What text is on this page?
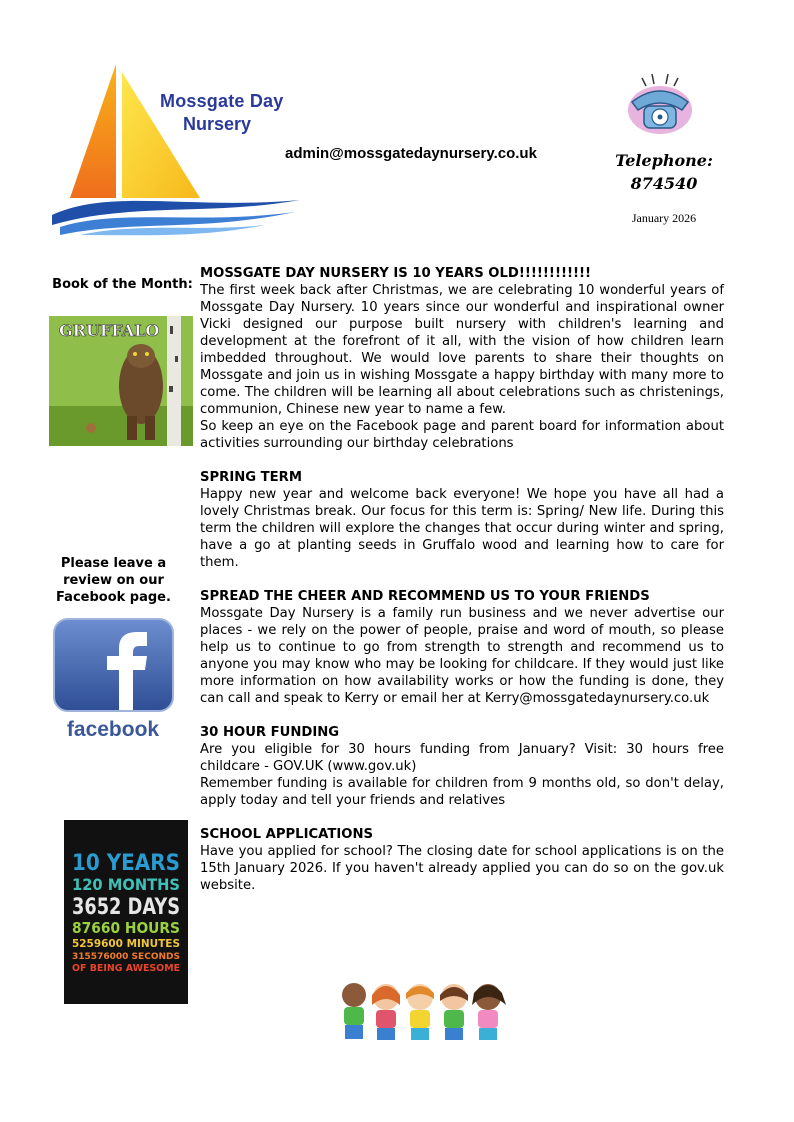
Mossgate Day
Nursery
admin@mossgatedaynursery.co.uk	Telephone:
874540
January 2026
Book of the Month:
GRUFFALO
Please leave a review on our Facebook page.
facebook
10 YEARS
120 MONTHS
3652 DAYS
87660 HOURS
5259600 MINUTES
315576000 SECONDS
OF BEING AWESOME

MOSSGATE DAY NURSERY IS 10 YEARS OLD!!!!!!!!!!!!

The first week back after Christmas, we are celebrating 10 wonderful years of Mossgate Day Nursery. 10 years since our wonderful and inspirational owner Vicki designed our purpose built nursery with children's learning and development at the forefront of it all, with the vision of how children learn imbedded throughout. We would love parents to share their thoughts on Mossgate and join us in wishing Mossgate a happy birthday with many more to come. The children will be learning all about celebrations such as christenings, communion, Chinese new year to name a few.

So keep an eye on the Facebook page and parent board for information about activities surrounding our birthday celebrations

SPRING TERM

Happy new year and welcome back everyone! We hope you have all had a lovely Christmas break. Our focus for this term is: Spring/ New life. During this term the children will explore the changes that occur during winter and spring, have a go at planting seeds in Gruffalo wood and learning how to care for them.

SPREAD THE CHEER AND RECOMMEND US TO YOUR FRIENDS

Mossgate Day Nursery is a family run business and we never advertise our places - we rely on the power of people, praise and word of mouth, so please help us to continue to go from strength to strength and recommend us to anyone you may know who may be looking for childcare. If they would just like more information on how availability works or how the funding is done, they can call and speak to Kerry or email her at Kerry@mossgatedaynursery.co.uk

30 HOUR FUNDING

Are you eligible for 30 hours funding from January? Visit: 30 hours free childcare - GOV.UK (www.gov.uk)

Remember funding is available for children from 9 months old, so don't delay, apply today and tell your friends and relatives

SCHOOL APPLICATIONS

Have you applied for school? The closing date for school applications is on the 15th January 2026. If you haven't already applied you can do so on the gov.uk website.
